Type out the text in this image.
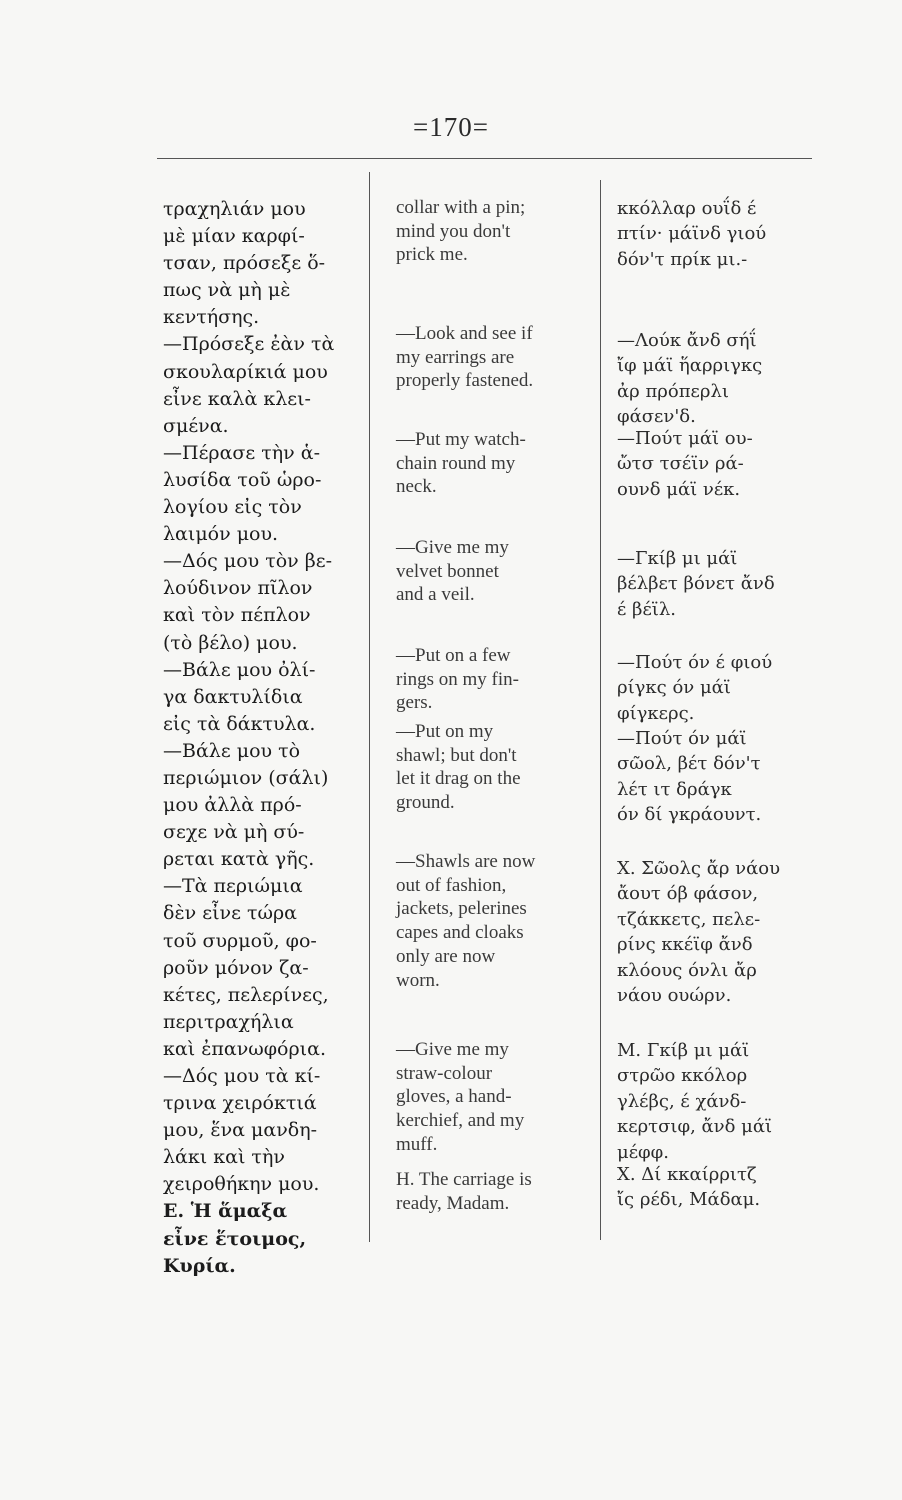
=170=
τραχηλιάν μου
μὲ μίαν καρφί-
τσαν, πρόσεξε ὅ-
πως νὰ μὴ μὲ
κεντήσης.
—Πρόσεξε ἐὰν τὰ
σκουλαρίκιά μου
εἶνε καλὰ κλει-
σμένα.
—Πέρασε τὴν ἁ-
λυσίδα τοῦ ὡρο-
λογίου εἰς τὸν
λαιμόν μου.
—Δός μου τὸν βε-
λούδινον πῖλον
καὶ τὸν πέπλον
(τὸ βέλο) μου.
—Βάλε μου ὀλί-
γα δακτυλίδια
εἰς τὰ δάκτυλα.
—Βάλε μου τὸ
περιώμιον (σάλι)
μου ἀλλὰ πρό-
σεχε νὰ μὴ σύ-
ρεται κατὰ γῆς.
—Τὰ περιώμια
δὲν εἶνε τώρα
τοῦ συρμοῦ, φο-
ροῦν μόνον ζα-
κέτες, πελερίνες,
περιτραχήλια
καὶ ἐπανωφόρια.
—Δός μου τὰ κί-
τρινα χειρόκτιά
μου, ἕνα μανδη-
λάκι καὶ τὴν
χειροθήκην μου.
Ε. Ἡ ἅμαξα
εἶνε ἕτοιμος,
Κυρία.
collar with a pin;
mind you don't
prick me.
—Look and see if
my earrings are
properly fastened.
—Put my watch-
chain round my
neck.
—Give me my
velvet bonnet
and a veil.
—Put on a few
rings on my fin-
gers.
—Put on my
shawl; but don't
let it drag on the
ground.
—Shawls are now
out of fashion,
jackets, pelerines
capes and cloaks
only are now
worn.
—Give me my
straw-colour
gloves, a hand-
kerchief, and my
muff.
H. The carriage is
ready, Madam.
κκόλλαρ ουΐδ έ
πτίν· μάϊνδ γιού
δόν'τ πρίκ μι.-
—Λούκ ἄνδ σήΐ
ἴφ μάϊ ἥαρριγκς
ἀρ πρόπερλι
φάσεν'δ.
—Πούτ μάϊ ου-
ὤτσ τσέϊν ρά-
ουνδ μάϊ νέκ.
—Γκίβ μι μάϊ
βέλβετ βόνετ ἄνδ
έ βέϊλ.
—Πούτ όν έ φιού
ρίγκς όν μάϊ
φίγκερς.
—Πούτ όν μάϊ
σῶολ, βέτ δόν'τ
λέτ ιτ δράγκ
όν δί γκράουντ.
Χ. Σῶολς ἄρ νάου
ἄουτ όβ φάσον,
τζάκκετς, πελε-
ρίνς κκέϊφ ἄνδ
κλόους όνλι ἄρ
νάου ουώρν.
Μ. Γκίβ μι μάϊ
στρῶο κκόλορ
γλέβς, έ χάνδ-
κερτσιφ, ἄνδ μάϊ
μέφφ.
Χ. Δί κκαίρριτζ
ἴς ρέδι, Μάδαμ.
